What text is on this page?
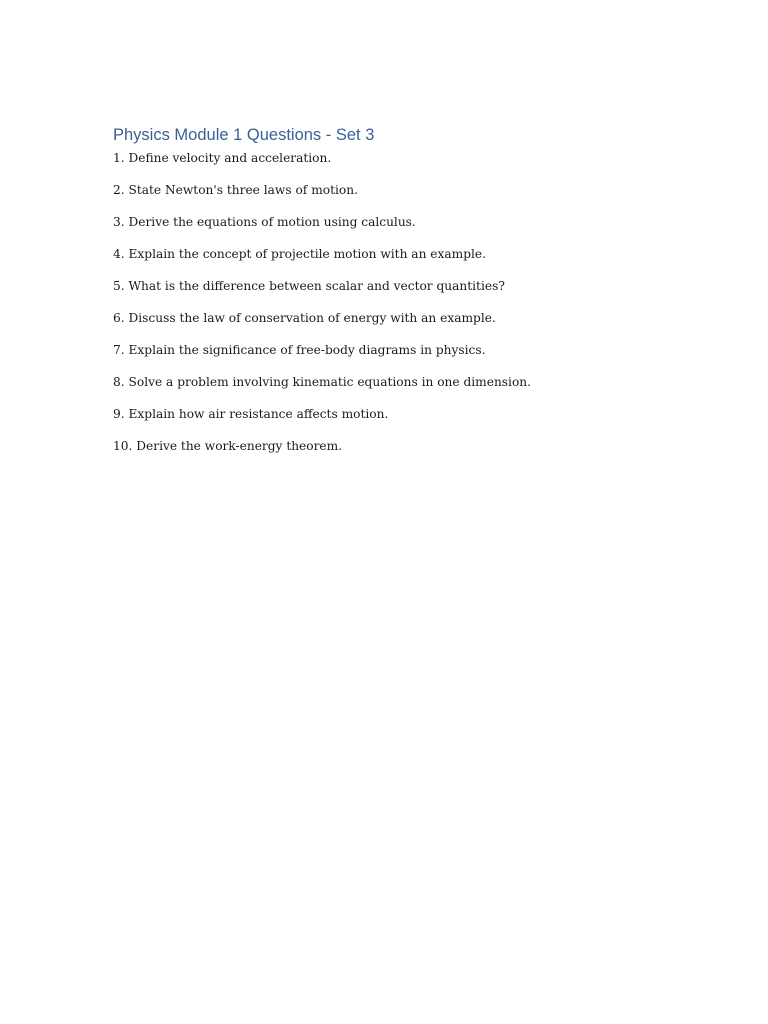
Physics Module 1 Questions - Set 3
1. Define velocity and acceleration.
2. State Newton's three laws of motion.
3. Derive the equations of motion using calculus.
4. Explain the concept of projectile motion with an example.
5. What is the difference between scalar and vector quantities?
6. Discuss the law of conservation of energy with an example.
7. Explain the significance of free-body diagrams in physics.
8. Solve a problem involving kinematic equations in one dimension.
9. Explain how air resistance affects motion.
10. Derive the work-energy theorem.
